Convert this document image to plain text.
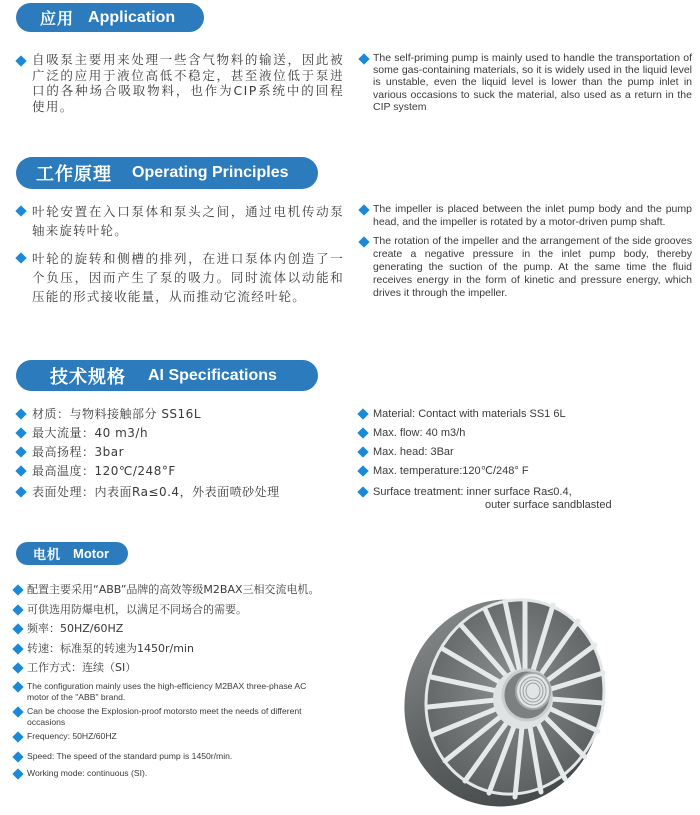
应用 Application
自吸泵主要用来处理一些含气物料的输送，因此被广泛的应用于液位高低不稳定，甚至液位低于泵进口的各种场合吸取物料，也作为CIP系统中的回程使用。
The self-priming pump is mainly used to handle the transportation of some gas-containing materials, so it is widely used in the liquid level is unstable, even the liquid level is lower than the pump inlet in various occasions to suck the material, also used as a return in the CIP system
工作原理 Operating Principles
叶轮安置在入口泵体和泵头之间，通过电机传动泵轴来旋转叶轮。
叶轮的旋转和侧槽的排列，在进口泵体内创造了一个负压，因而产生了泵的吸力。同时流体以动能和压能的形式接收能量，从而推动它流经叶轮。
The impeller is placed between the inlet pump body and the pump head, and the impeller is rotated by a motor-driven pump shaft.
The rotation of the impeller and the arrangement of the side grooves create a negative pressure in the inlet pump body, thereby generating the suction of the pump. At the same time the fluid receives energy in the form of kinetic and pressure energy, which drives it through the impeller.
技术规格 AI Specifications
材质：与物料接触部分 SS16L
最大流量：40 m3/h
最高扬程：3bar
最高温度：120℃/248°F
表面处理：内表面Ra≤0.4，外表面喷砂处理
Material: Contact with materials SS1 6L
Max. flow: 40 m3/h
Max. head: 3Bar
Max. temperature:120℃/248° F
Surface treatment: inner surface Ra≤0.4,
outer surface sandblasted
电机 Motor
配置主要采用“ABB”品牌的高效等级M2BAX三相交流电机。
可供选用防爆电机，以满足不同场合的需要。
频率：50HZ/60HZ
转速：标准泵的转速为1450r/min
工作方式：连续（SI）
The configuration mainly uses the high-efficiency M2BAX three-phase AC motor of the "ABB" brand.
Can be choose the Explosion-proof motorsto meet the needs of different occasions
Frequency: 50HZ/60HZ
Speed: The speed of the standard pump is 1450r/min.
Working mode: continuous (SI).
